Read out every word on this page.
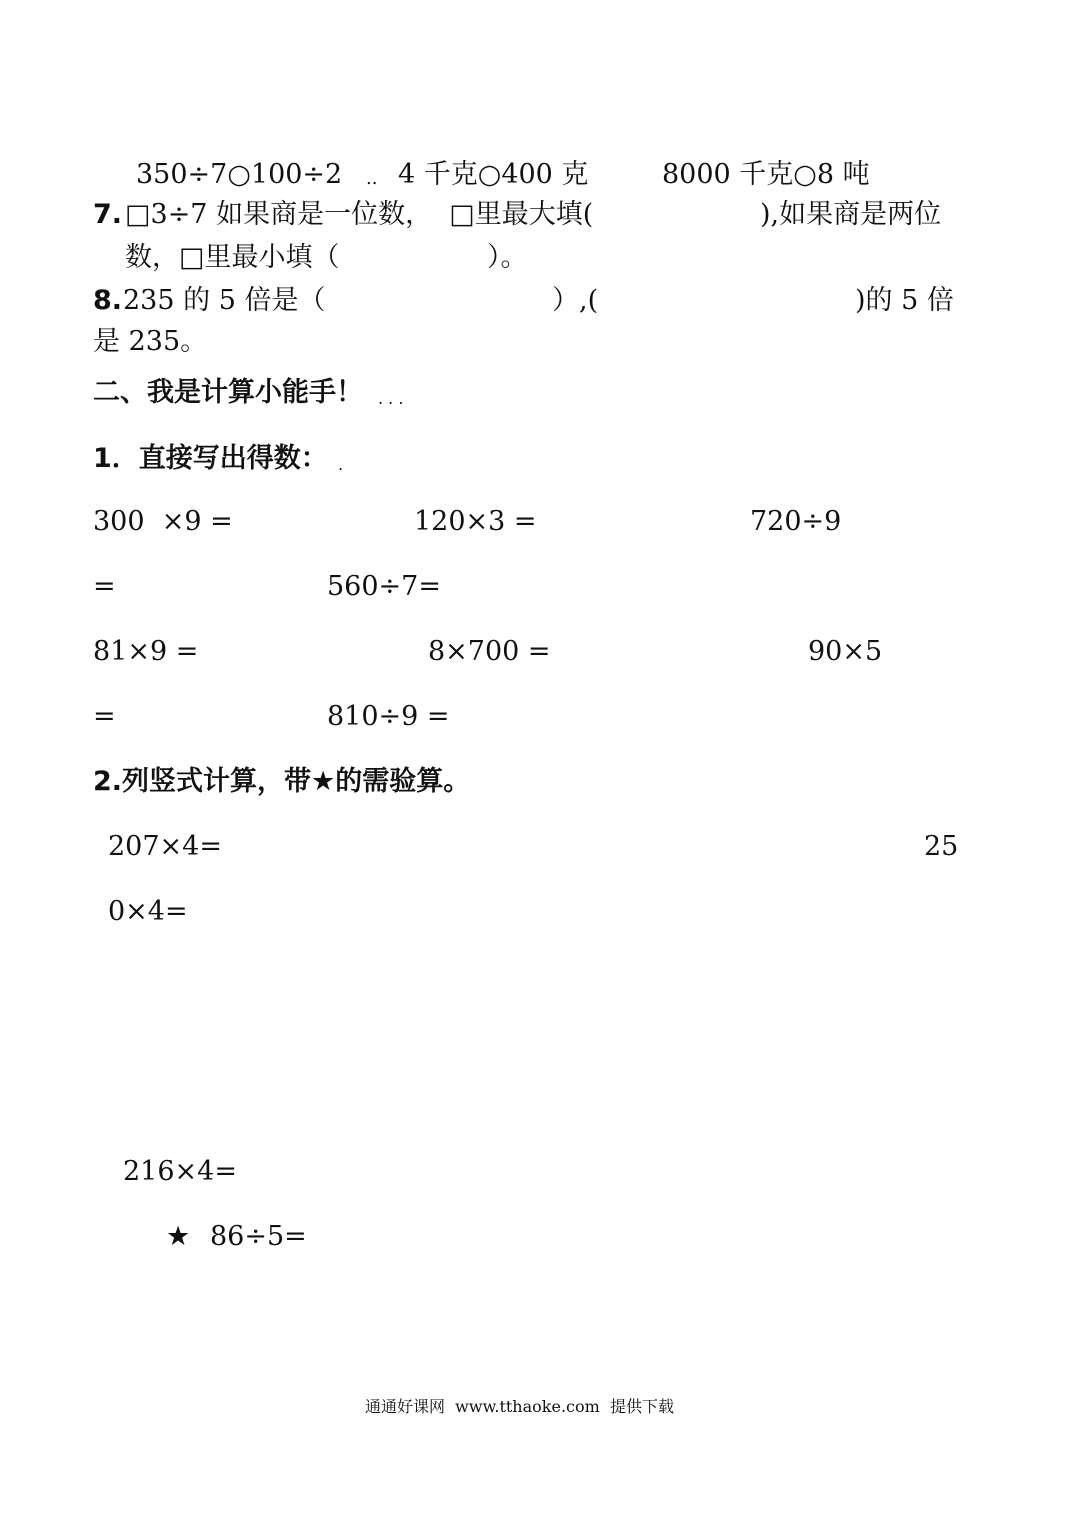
350÷7○100÷2 .. 4 千克○400 克	8000 千克○8 吨
7. □3÷7 如果商是一位数，  □里最大填(	),如果商是两位
数，□里最小填（	）。
8. 235 的 5 倍是（	）,(	)的 5 倍
是 235。
二、我是计算小能手！ . . .
1．直接写出得数： .
300  ×9 =	120×3 =	720÷9
=	560÷7=
81×9 =	8×700 =	90×5
=	810÷9 =
2.列竖式计算，带★的需验算。
207×4=	25
0×4=
216×4=
★ 86÷5=
通通好课网  www.tthaoke.com  提供下载
